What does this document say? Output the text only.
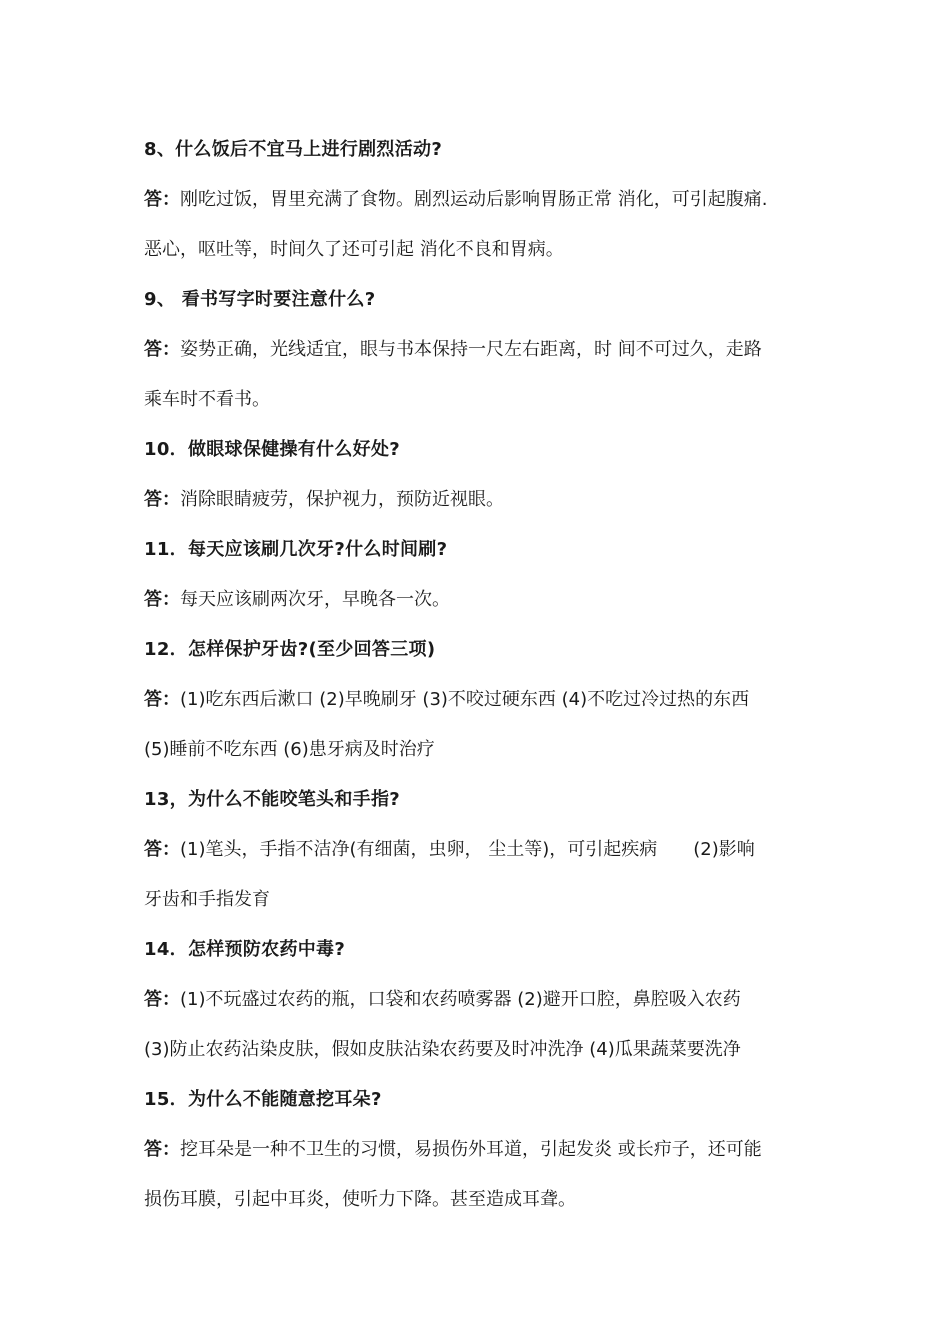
8、什么饭后不宜马上进行剧烈活动?
答：刚吃过饭，胃里充满了食物。剧烈运动后影响胃肠正常 消化，可引起腹痛.
恶心，呕吐等，时间久了还可引起 消化不良和胃病。
9、 看书写字时要注意什么?
答：姿势正确，光线适宜，眼与书本保持一尺左右距离，时 间不可过久，走路
乘车时不看书。
10．做眼球保健操有什么好处?
答：消除眼睛疲劳，保护视力，预防近视眼。
11．每天应该刷几次牙?什么时间刷?
答：每天应该刷两次牙，早晚各一次。
12．怎样保护牙齿?(至少回答三项)
答：(1)吃东西后漱口 (2)早晚刷牙 (3)不咬过硬东西 (4)不吃过冷过热的东西
(5)睡前不吃东西 (6)患牙病及时治疗
13，为什么不能咬笔头和手指?
答：(1)笔头，手指不洁净(有细菌，虫卵， 尘土等)，可引起疾病　　(2)影响
牙齿和手指发育
14．怎样预防农药中毒?
答：(1)不玩盛过农药的瓶，口袋和农药喷雾器 (2)避开口腔，鼻腔吸入农药
(3)防止农药沾染皮肤，假如皮肤沾染农药要及时冲洗净 (4)瓜果蔬菜要洗净
15．为什么不能随意挖耳朵?
答：挖耳朵是一种不卫生的习惯，易损伤外耳道，引起发炎 或长疖子，还可能
损伤耳膜，引起中耳炎，使听力下降。甚至造成耳聋。
